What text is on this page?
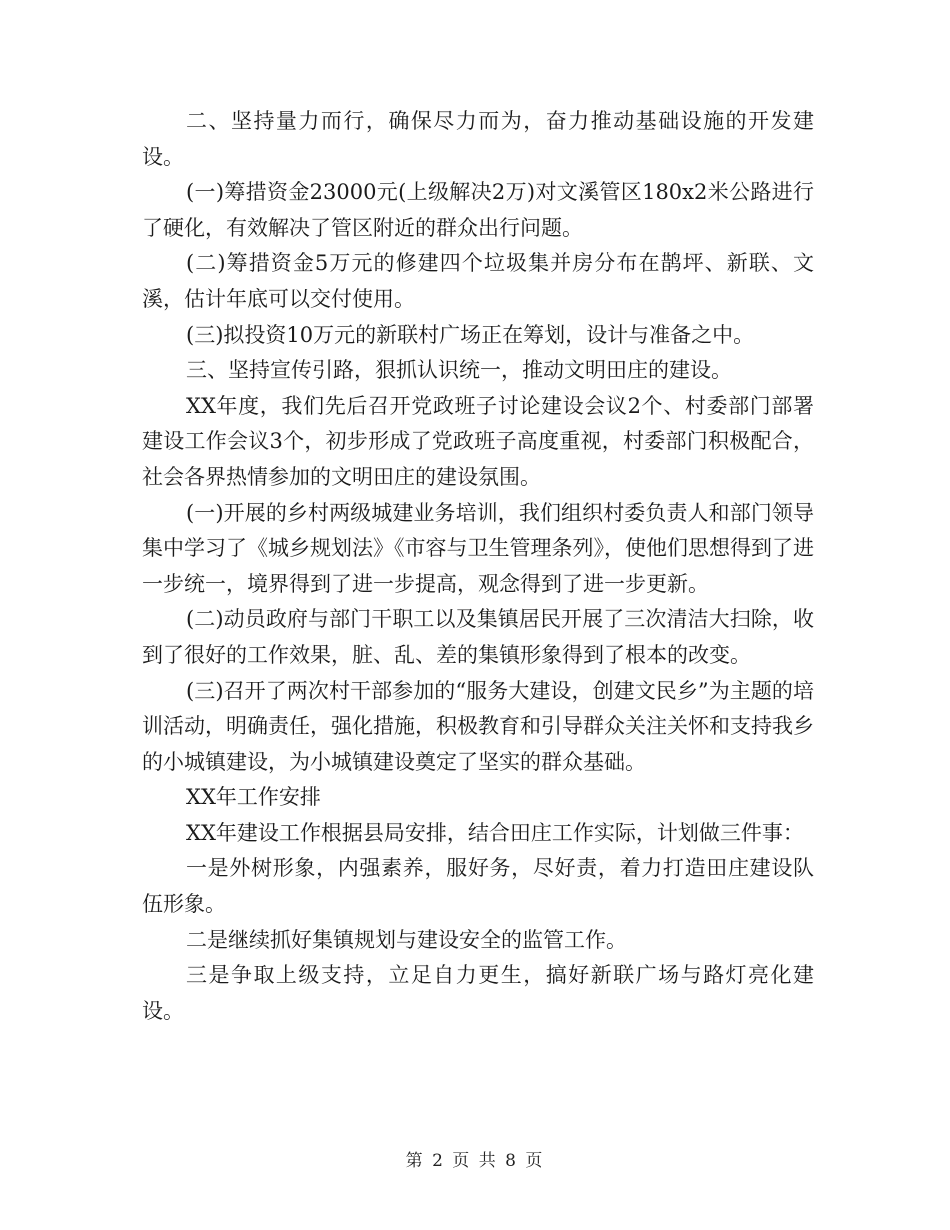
二、坚持量力而行，确保尽力而为，奋力推动基础设施的开发建设。

(一)筹措资金23000元(上级解决2万)对文溪管区180x2米公路进行了硬化，有效解决了管区附近的群众出行问题。

(二)筹措资金5万元的修建四个垃圾集并房分布在鹊坪、新联、文溪，估计年底可以交付使用。

(三)拟投资10万元的新联村广场正在筹划，设计与准备之中。

三、坚持宣传引路，狠抓认识统一，推动文明田庄的建设。

XX年度，我们先后召开党政班子讨论建设会议2个、村委部门部署建设工作会议3个，初步形成了党政班子高度重视，村委部门积极配合，社会各界热情参加的文明田庄的建设氛围。

(一)开展的乡村两级城建业务培训，我们组织村委负责人和部门领导集中学习了《城乡规划法》《市容与卫生管理条列》，使他们思想得到了进一步统一，境界得到了进一步提高，观念得到了进一步更新。

(二)动员政府与部门干职工以及集镇居民开展了三次清洁大扫除，收到了很好的工作效果，脏、乱、差的集镇形象得到了根本的改变。

(三)召开了两次村干部参加的“服务大建设，创建文民乡”为主题的培训活动，明确责任，强化措施，积极教育和引导群众关注关怀和支持我乡的小城镇建设，为小城镇建设奠定了坚实的群众基础。

XX年工作安排

XX年建设工作根据县局安排，结合田庄工作实际，计划做三件事：

一是外树形象，内强素养，服好务，尽好责，着力打造田庄建设队伍形象。

二是继续抓好集镇规划与建设安全的监管工作。

三是争取上级支持，立足自力更生，搞好新联广场与路灯亮化建设。

第 2 页 共 8 页
